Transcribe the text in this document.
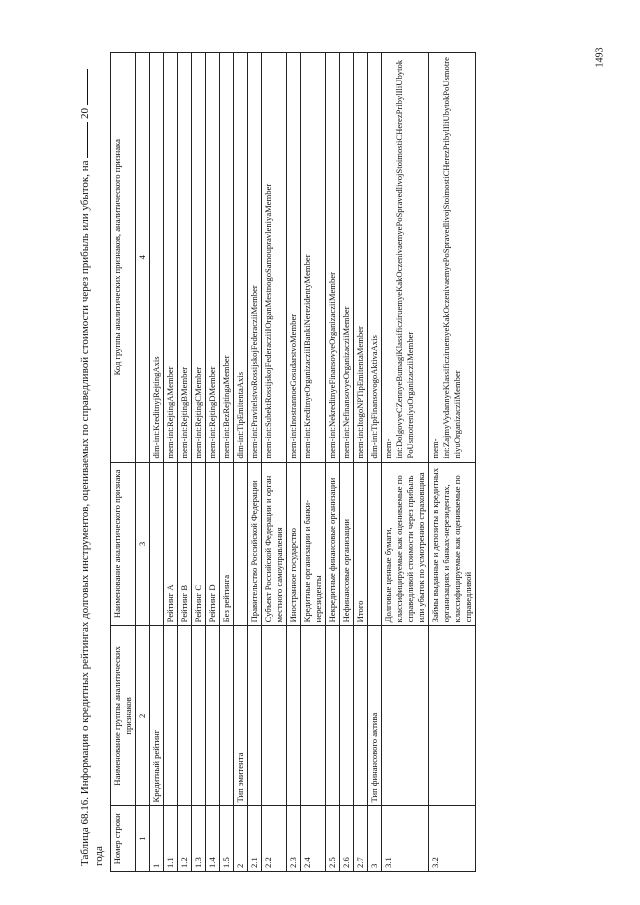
1493
Таблица 68.16. Информация о кредитных рейтингах долговых инструментов, оцениваемых по справедливой стоимости через прибыль или убыток, на  20  года Номер строки	Наименование группы аналитических признаков	Наименование аналитического признака	Код группы аналитических признаков, аналитического признака
1	2	3	4
1	Кредитный рейтинг		dim-int:KreditnyjRejtingAxis
1.1		Рейтинг A	mem-int:RejtingAMember
1.2		Рейтинг B	mem-int:RejtingBMember
1.3		Рейтинг C	mem-int:RejtingCMember
1.4		Рейтинг D	mem-int:RejtingDMember
1.5		Без рейтинга	mem-int:BezRejtingaMember
2	Тип эмитента		dim-int:TipEmitentaAxis
2.1		Правительство Российской Федерации	mem-int:PravitelstvoRossijskojFederacziiMember
2.2		Субъект Российской Федерации и орган местного самоуправления	mem-int:SubektRossijskojFederacziiIOrganMestnogoSamoupravleniyaMember
2.3		Иностранное государство	mem-int:InostrannoeGosudarstvoMember
2.4		Кредитные организации и банки-нерезиденты	mem-int:KreditnyeOrganizacziiIBankiNerezidentyMember
2.5		Некредитные финансовые организации	mem-int:NekreditnyeFinansovyeOrganizacziiMember
2.6		Нефинансовые организации	mem-int:NefinansovyeOrganizacziiMember
2.7		Итого	mem-int:ItogoNPTipEmitentaMember
3	Тип финансового актива		dim-int:TipFinansovogoAktivaAxis
3.1		Долговые ценные бумаги, классифицируемые как оцениваемые по справедливой стоимости через прибыль или убыток по усмотрению страховщика	mem-int:DolgovyeCZennyeBumagiKlassificziruemyeKakOczenivaemyePoSpravedlivojStoimostiCHerezPribylIliUbytokPoUsmotreniyuOrganizacziiMember
3.2		Займы выданные и депозиты в кредитных организациях и банках-нерезидентах, классифицируемые как оцениваемые по справедливой	mem-int:ZajmyVydannyeKlassificziruemyeKakOczenivaemyePoSpravedlivojStoimostiCHerezPribylIliUbytokPoUsmotreniyuOrganizacziiMember
